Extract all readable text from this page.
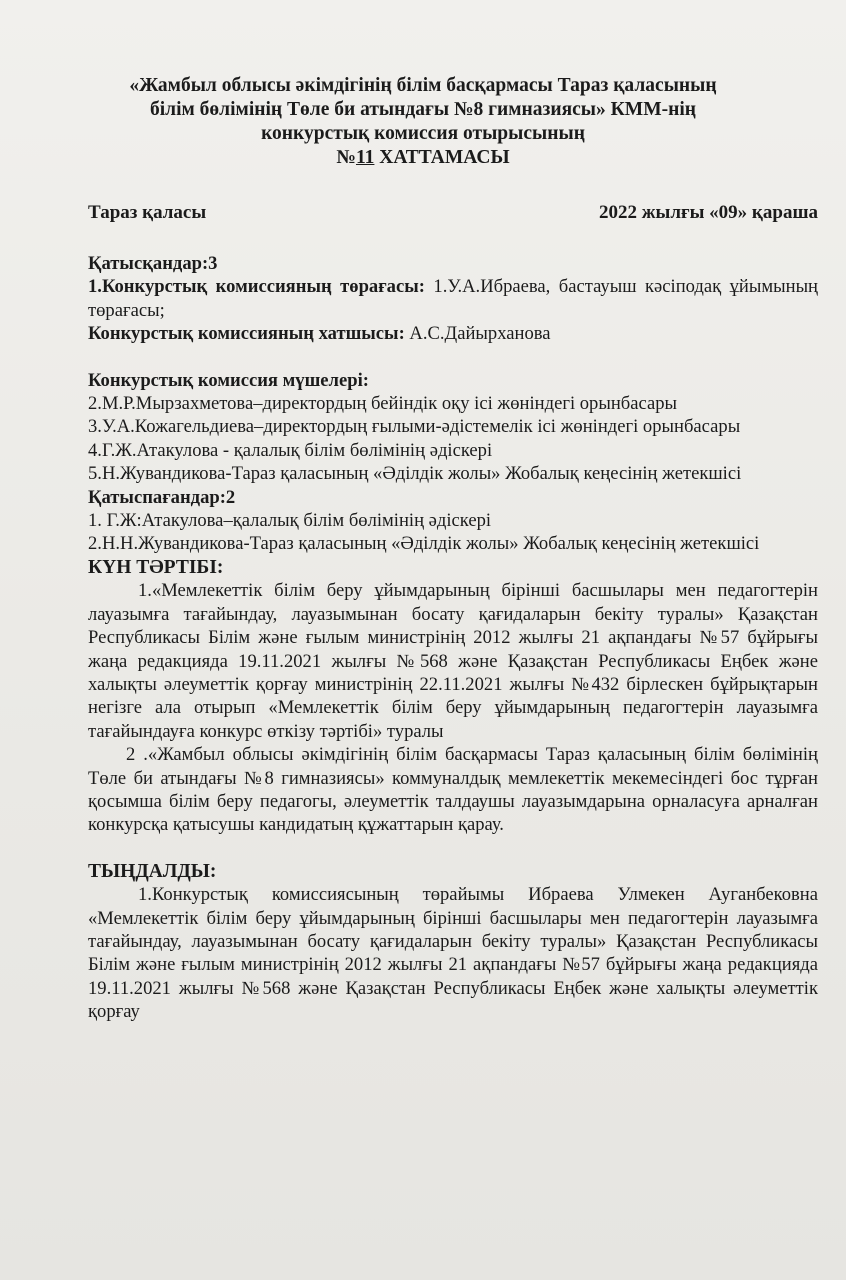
«Жамбыл облысы әкімдігінің білім басқармасы Тараз қаласының
білім бөлімінің Төле би атындағы №8 гимназиясы» КММ-нің
конкурстық комиссия отырысының
№11 ХАТТАМАСЫ
Тараз қаласы	2022 жылғы «09» қараша

Қатысқандар:3

1.Конкурстық комиссияның төрағасы: 1.У.А.Ибраева, бастауыш кәсіподақ ұйымының төрағасы;

Конкурстық комиссияның хатшысы: А.С.Дайырханова

Конкурстық комиссия мүшелері:

2.М.Р.Мырзахметова–директордың бейіндік оқу ісі жөніндегі орынбасары

3.У.А.Кожагельдиева–директордың ғылыми-әдістемелік ісі жөніндегі орынбасары

4.Г.Ж.Атакулова - қалалық білім бөлімінің әдіскері

5.Н.Жувандикова-Тараз қаласының «Әділдік жолы» Жобалық кеңесінің жетекшісі

Қатыспағандар:2

1. Г.Ж:Атакулова–қалалық білім бөлімінің әдіскері

2.Н.Н.Жувандикова-Тараз қаласының «Әділдік жолы» Жобалық кеңесінің жетекшісі

КҮН ТӘРТІБІ:

1.«Мемлекеттік білім беру ұйымдарының бірінші басшылары мен педагогтерін лауазымға тағайындау, лауазымынан босату қағидаларын бекіту туралы» Қазақстан Республикасы Білім және ғылым министрінің 2012 жылғы 21 ақпандағы №57 бұйрығы жаңа редакцияда 19.11.2021 жылғы №568 және Қазақстан Республикасы Еңбек және халықты әлеуметтік қорғау министрінің 22.11.2021 жылғы №432 бірлескен бұйрықтарын негізге ала отырып «Мемлекеттік білім беру ұйымдарының педагогтерін лауазымға тағайындауға конкурс өткізу тәртібі» туралы

2 .«Жамбыл облысы әкімдігінің білім басқармасы Тараз қаласының білім бөлімінің Төле би атындағы №8 гимназиясы» коммуналдық мемлекеттік мекемесіндегі бос тұрған қосымша білім беру педагогы, әлеуметтік талдаушы лауазымдарына орналасуға арналған конкурсқа қатысушы кандидатың құжаттарын қарау.

ТЫҢДАЛДЫ:

1.Конкурстық комиссиясының төрайымы Ибраева Улмекен Ауганбековна «Мемлекеттік білім беру ұйымдарының бірінші басшылары мен педагогтерін лауазымға тағайындау, лауазымынан босату қағидаларын бекіту туралы» Қазақстан Республикасы Білім және ғылым министрінің 2012 жылғы 21 ақпандағы №57 бұйрығы жаңа редакцияда 19.11.2021 жылғы №568 және Қазақстан Республикасы Еңбек және халықты әлеуметтік қорғау
